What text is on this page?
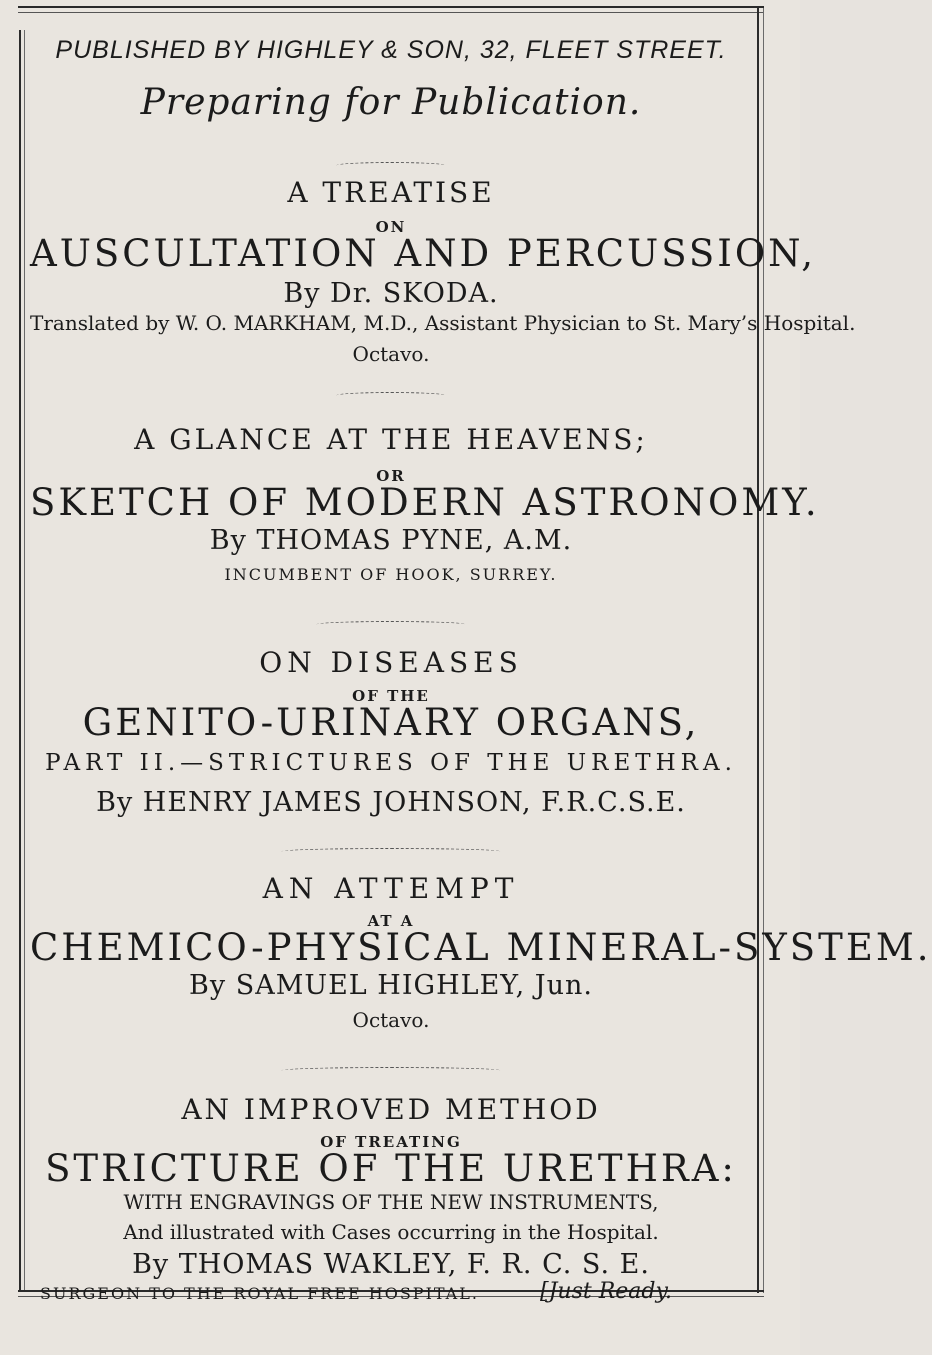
PUBLISHED BY HIGHLEY & SON, 32, FLEET STREET.
Preparing for Publication.
A TREATISE
ON
AUSCULTATION AND PERCUSSION,
By Dr. SKODA.
Translated by W. O. MARKHAM, M.D., Assistant Physician to St. Mary’s Hospital.
Octavo.
A GLANCE AT THE HEAVENS;
OR
SKETCH OF MODERN ASTRONOMY.
By THOMAS PYNE, A.M.
INCUMBENT OF HOOK, SURREY.
ON DISEASES
OF THE
GENITO-URINARY ORGANS,
PART II.—STRICTURES OF THE URETHRA.
By HENRY JAMES JOHNSON, F.R.C.S.E.
AN ATTEMPT
AT A
CHEMICO-PHYSICAL MINERAL-SYSTEM.
By SAMUEL HIGHLEY, Jun.
Octavo.
AN IMPROVED METHOD
OF TREATING
STRICTURE OF THE URETHRA:
WITH ENGRAVINGS OF THE NEW INSTRUMENTS,
And illustrated with Cases occurring in the Hospital.
By THOMAS WAKLEY, F. R. C. S. E.
SURGEON TO THE ROYAL FREE HOSPITAL.	[Just Ready.
